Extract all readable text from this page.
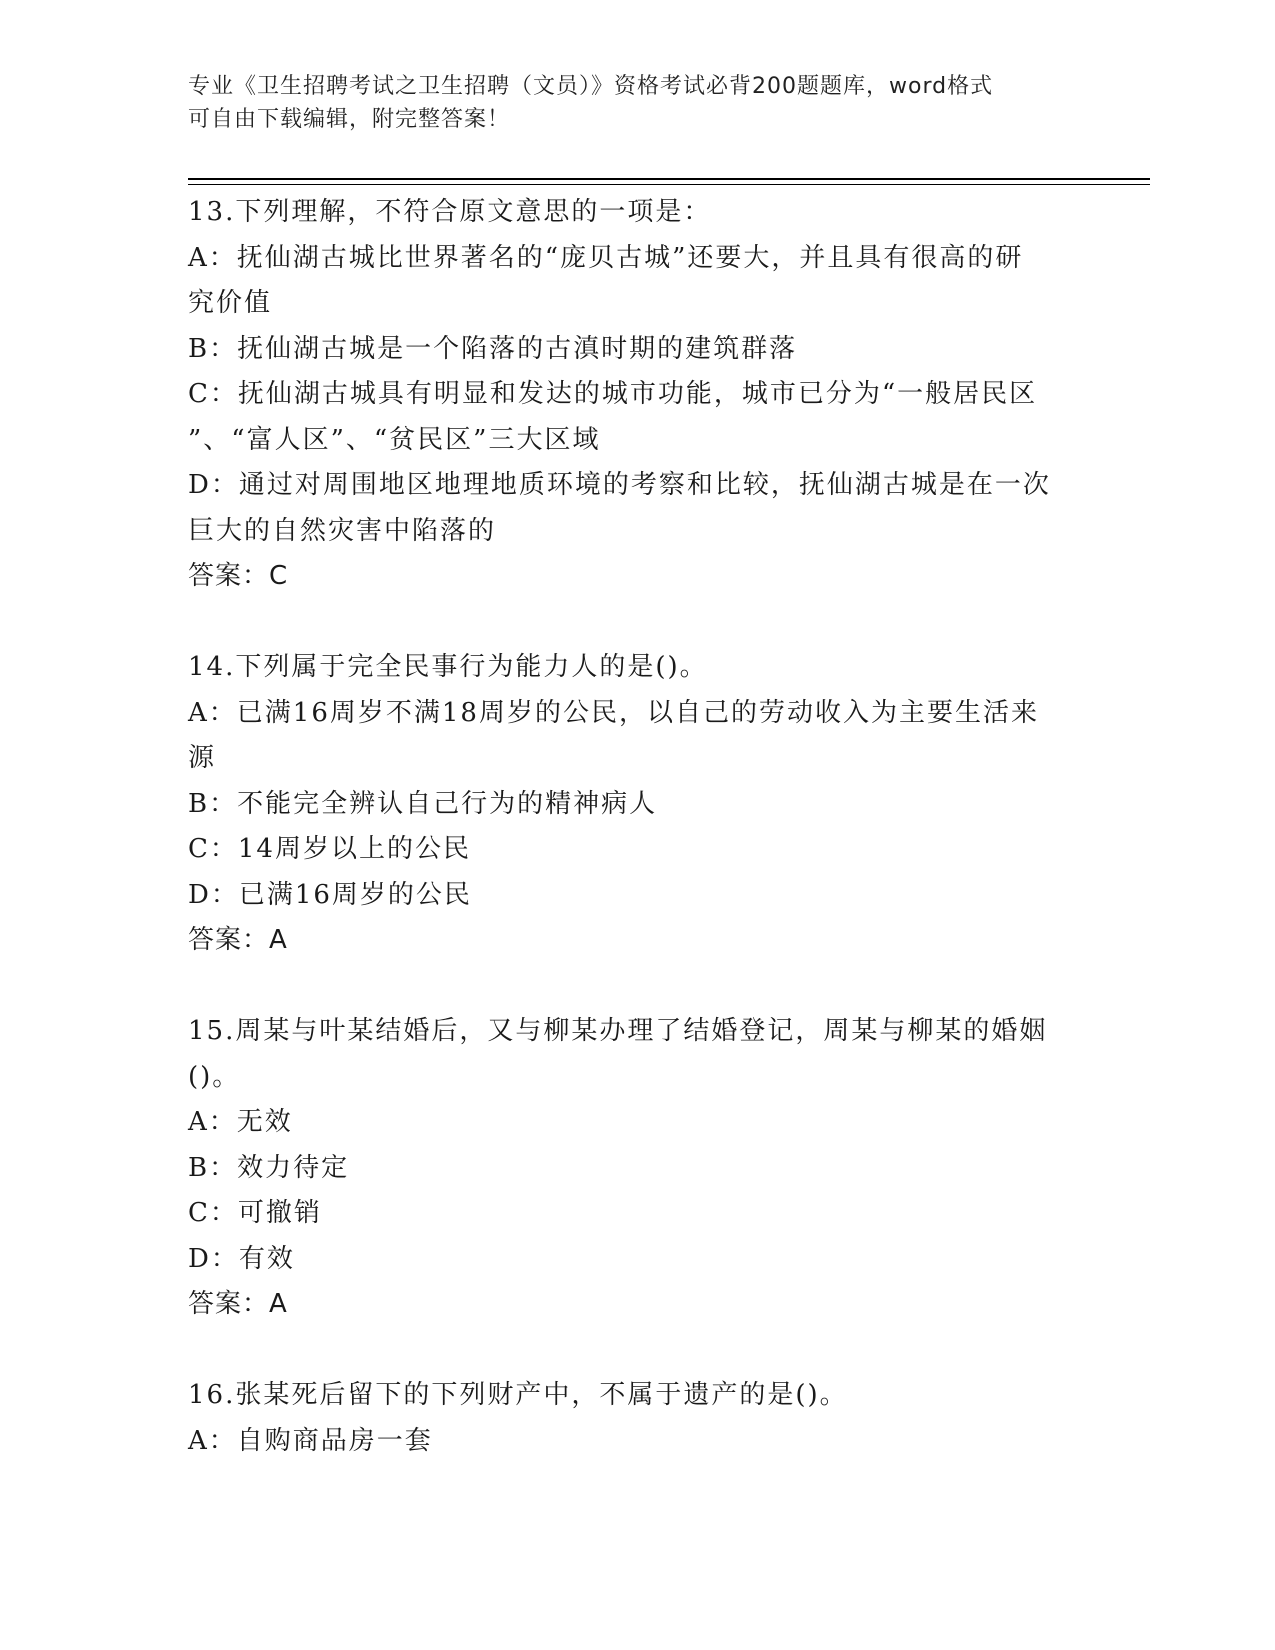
专业《卫生招聘考试之卫生招聘（文员）》资格考试必背200题题库，word格式
可自由下载编辑，附完整答案！

13.下列理解，不符合原文意思的一项是：

A：抚仙湖古城比世界著名的“庞贝古城”还要大，并且具有很高的研

究价值

B：抚仙湖古城是一个陷落的古滇时期的建筑群落

C：抚仙湖古城具有明显和发达的城市功能，城市已分为“一般居民区

”、“富人区”、“贫民区”三大区域

D：通过对周围地区地理地质环境的考察和比较，抚仙湖古城是在一次

巨大的自然灾害中陷落的

答案：C

14.下列属于完全民事行为能力人的是()。

A：已满16周岁不满18周岁的公民，以自己的劳动收入为主要生活来

源

B：不能完全辨认自己行为的精神病人

C：14周岁以上的公民

D：已满16周岁的公民

答案：A

15.周某与叶某结婚后，又与柳某办理了结婚登记，周某与柳某的婚姻

()。

A：无效

B：效力待定

C：可撤销

D：有效

答案：A

16.张某死后留下的下列财产中，不属于遗产的是()。

A：自购商品房一套
